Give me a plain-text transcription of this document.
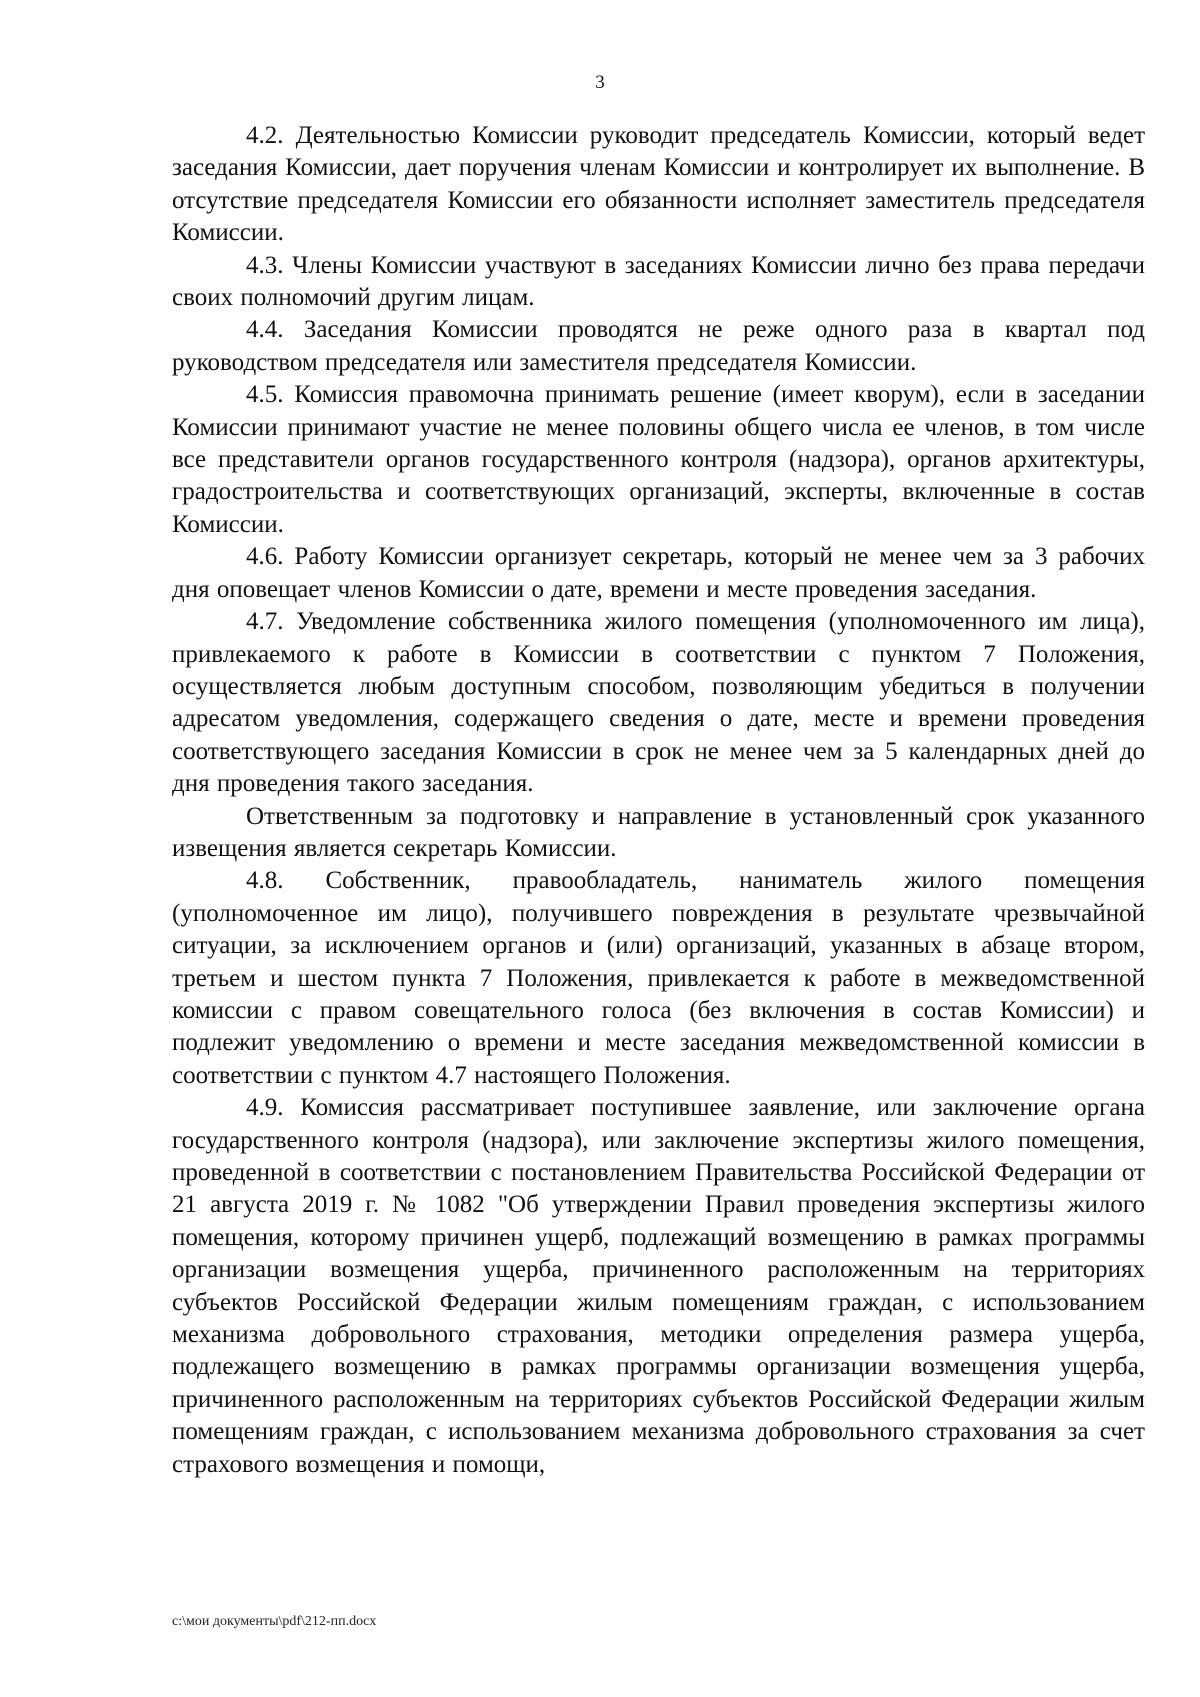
3

4.2. Деятельностью Комиссии руководит председатель Комиссии, который ведет заседания Комиссии, дает поручения членам Комиссии и контролирует их выполнение. В отсутствие председателя Комиссии его обязанности исполняет заместитель председателя Комиссии.

4.3. Члены Комиссии участвуют в заседаниях Комиссии лично без права передачи своих полномочий другим лицам.

4.4. Заседания Комиссии проводятся не реже одного раза в квартал под руководством председателя или заместителя председателя Комиссии.

4.5. Комиссия правомочна принимать решение (имеет кворум), если в заседании Комиссии принимают участие не менее половины общего числа ее членов, в том числе все представители органов государственного контроля (надзора), органов архитектуры, градостроительства и соответствующих организаций, эксперты, включенные в состав Комиссии.

4.6. Работу Комиссии организует секретарь, который не менее чем за 3 рабочих дня оповещает членов Комиссии о дате, времени и месте проведения заседания.

4.7. Уведомление собственника жилого помещения (уполномоченного им лица), привлекаемого к работе в Комиссии в соответствии с пунктом 7 Положения, осуществляется любым доступным способом, позволяющим убедиться в получении адресатом уведомления, содержащего сведения о дате, месте и времени проведения соответствующего заседания Комиссии в срок не менее чем за 5 календарных дней до дня проведения такого заседания.

Ответственным за подготовку и направление в установленный срок указанного извещения является секретарь Комиссии.

4.8. Собственник, правообладатель, наниматель жилого помещения (уполномоченное им лицо), получившего повреждения в результате чрезвычайной ситуации, за исключением органов и (или) организаций, указанных в абзаце втором, третьем и шестом пункта 7 Положения, привлекается к работе в межведомственной комиссии с правом совещательного голоса (без включения в состав Комиссии) и подлежит уведомлению о времени и месте заседания межведомственной комиссии в соответствии с пунктом 4.7 настоящего Положения.

4.9. Комиссия рассматривает поступившее заявление, или заключение органа государственного контроля (надзора), или заключение экспертизы жилого помещения, проведенной в соответствии с постановлением Правительства Российской Федерации от 21 августа 2019 г. № 1082 "Об утверждении Правил проведения экспертизы жилого помещения, которому причинен ущерб, подлежащий возмещению в рамках программы организации возмещения ущерба, причиненного расположенным на территориях субъектов Российской Федерации жилым помещениям граждан, с использованием механизма добровольного страхования, методики определения размера ущерба, подлежащего возмещению в рамках программы организации возмещения ущерба, причиненного расположенным на территориях субъектов Российской Федерации жилым помещениям граждан, с использованием механизма добровольного страхования за счет страхового возмещения и помощи,

c:\мои документы\pdf\212-пп.docx
